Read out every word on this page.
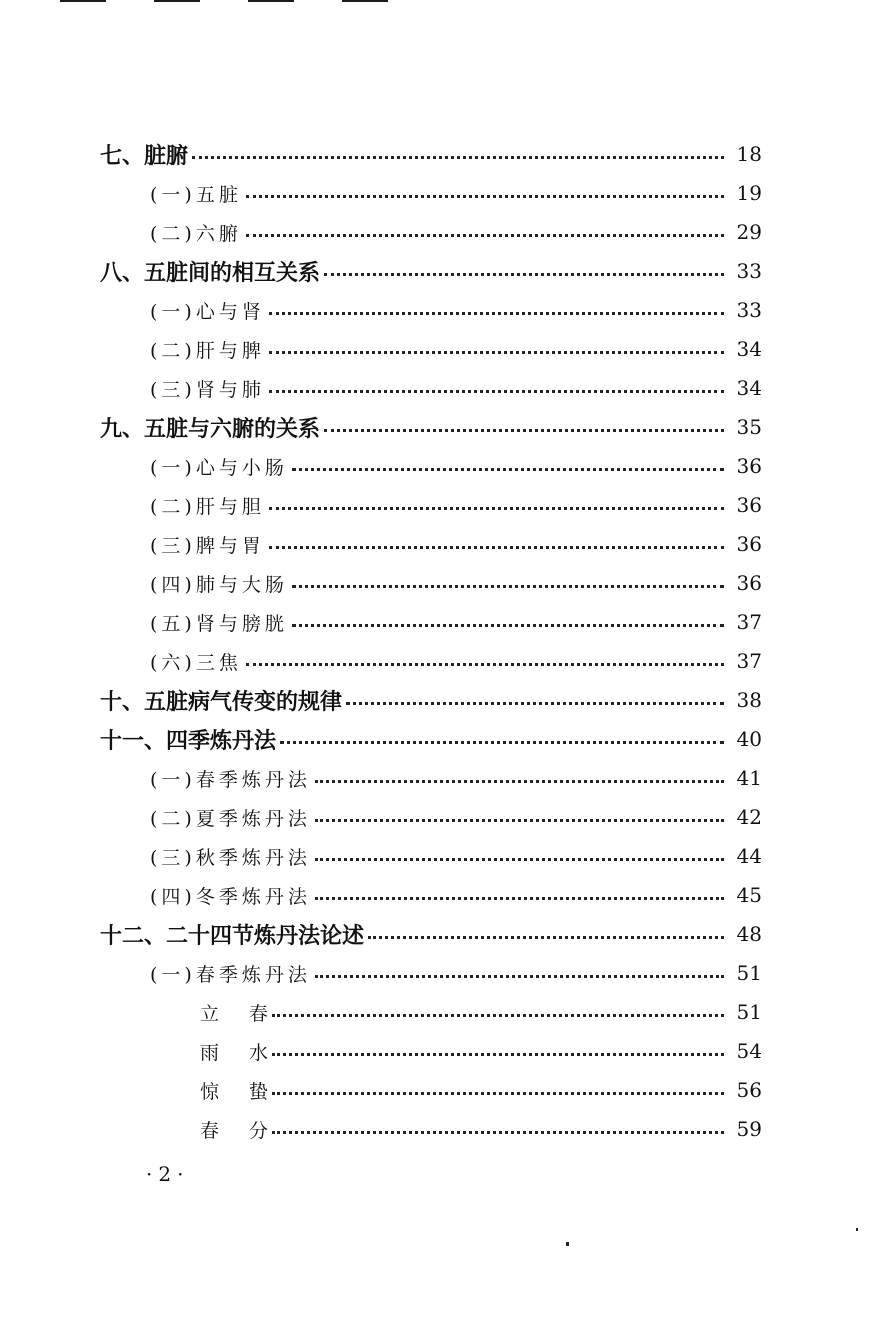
七、脏腑	18
(一)五脏	19
(二)六腑	29
八、五脏间的相互关系	33
(一)心与肾	33
(二)肝与脾	34
(三)肾与肺	34
九、五脏与六腑的关系	35
(一)心与小肠	36
(二)肝与胆	36
(三)脾与胃	36
(四)肺与大肠	36
(五)肾与膀胱	37
(六)三焦	37
十、五脏病气传变的规律	38
十一、四季炼丹法	40
(一)春季炼丹法	41
(二)夏季炼丹法	42
(三)秋季炼丹法	44
(四)冬季炼丹法	45
十二、二十四节炼丹法论述	48
(一)春季炼丹法	51
立 春	51
雨 水	54
惊 蛰	56
春 分	59
·2·
